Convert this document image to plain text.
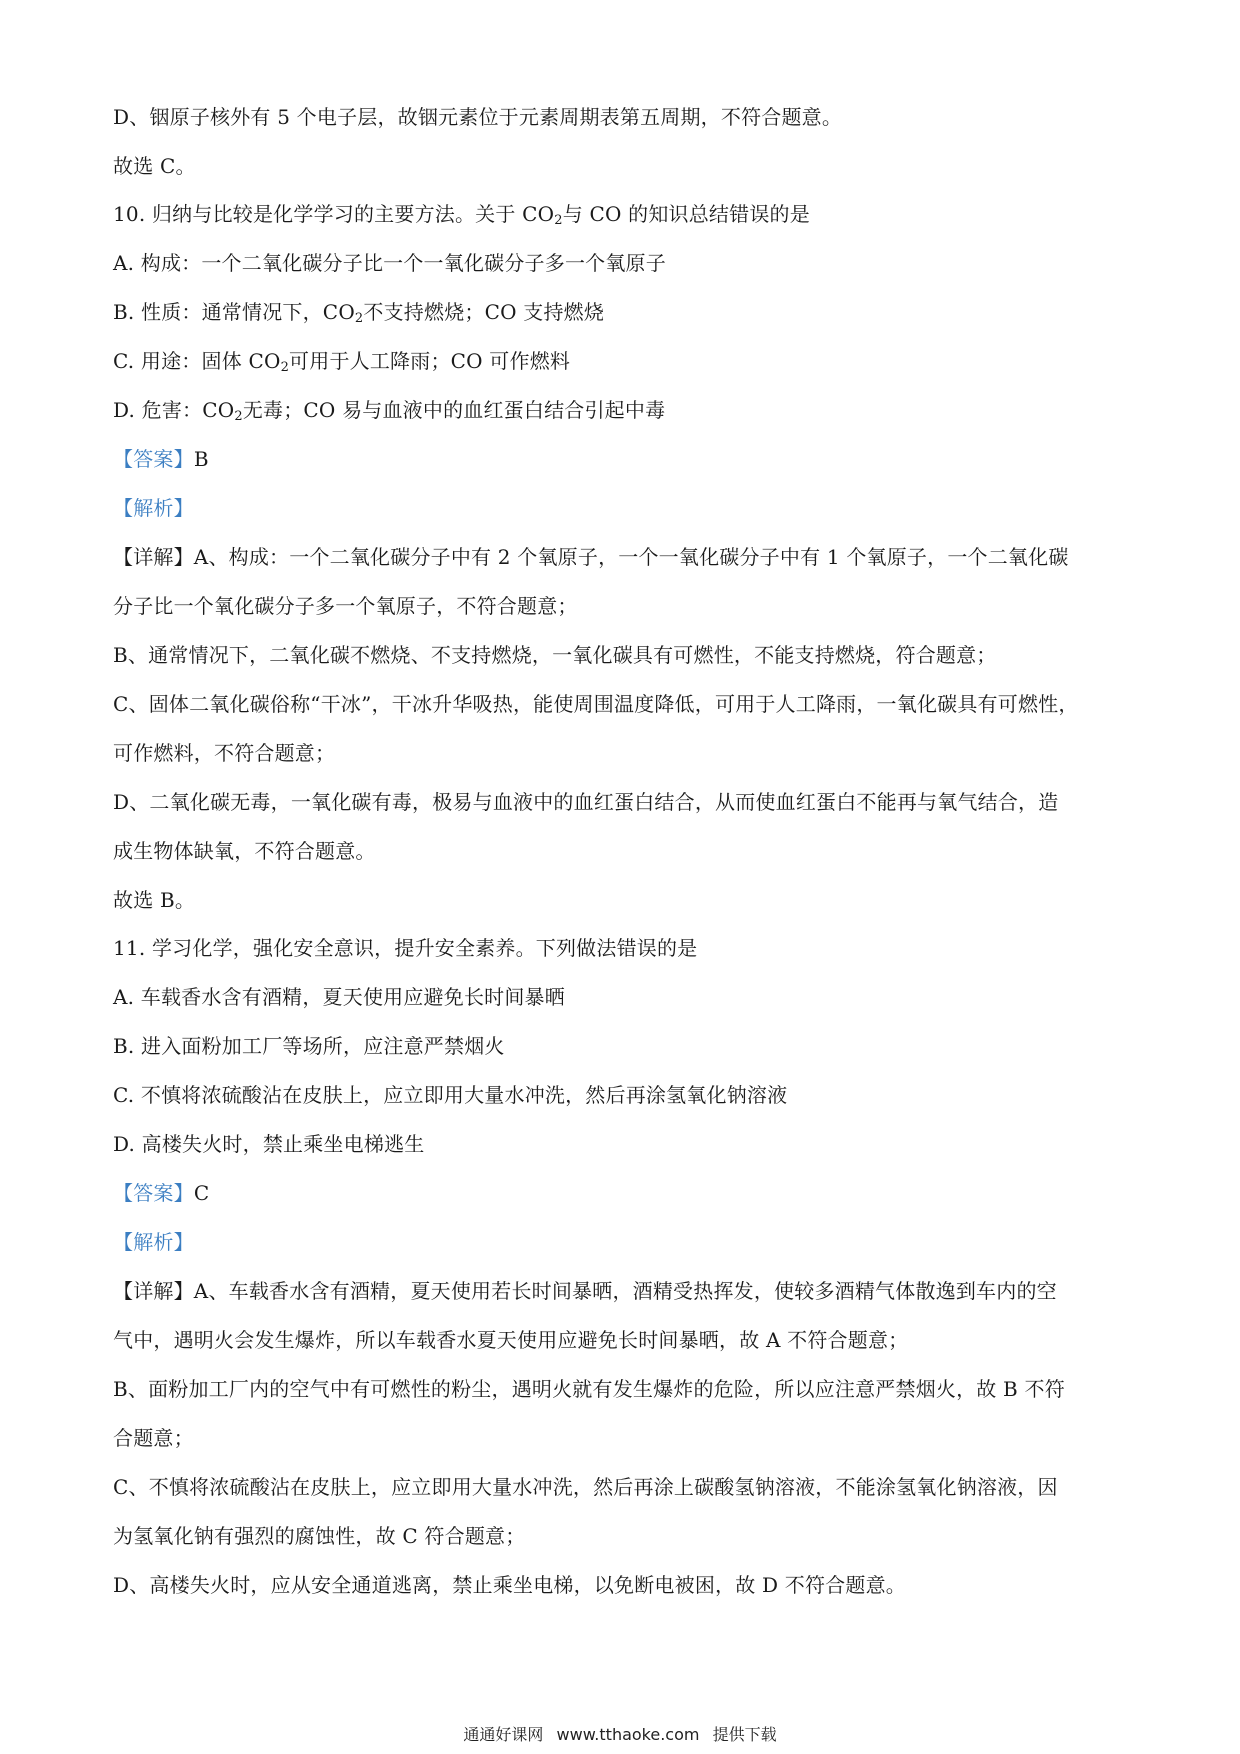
D、铟原子核外有 5 个电子层，故铟元素位于元素周期表第五周期，不符合题意。
故选 C。
10. 归纳与比较是化学学习的主要方法。关于 $CO_2$与 CO 的知识总结错误的是
A. 构成：一个二氧化碳分子比一个一氧化碳分子多一个氧原子
B. 性质：通常情况下，$CO_2$不支持燃烧；CO 支持燃烧
C. 用途：固体 $CO_2$可用于人工降雨；CO 可作燃料
D. 危害：$CO_2$无毒；CO 易与血液中的血红蛋白结合引起中毒
【答案】B
【解析】
【详解】A、构成：一个二氧化碳分子中有 2 个氧原子，一个一氧化碳分子中有 1 个氧原子，一个二氧化碳
分子比一个氧化碳分子多一个氧原子，不符合题意；
B、通常情况下，二氧化碳不燃烧、不支持燃烧，一氧化碳具有可燃性，不能支持燃烧，符合题意；
C、固体二氧化碳俗称“干冰”，干冰升华吸热，能使周围温度降低，可用于人工降雨，一氧化碳具有可燃性，
可作燃料，不符合题意；
D、二氧化碳无毒，一氧化碳有毒，极易与血液中的血红蛋白结合，从而使血红蛋白不能再与氧气结合，造
成生物体缺氧，不符合题意。
故选 B。
11. 学习化学，强化安全意识，提升安全素养。下列做法错误的是
A. 车载香水含有酒精，夏天使用应避免长时间暴晒
B. 进入面粉加工厂等场所，应注意严禁烟火
C. 不慎将浓硫酸沾在皮肤上，应立即用大量水冲洗，然后再涂氢氧化钠溶液
D. 高楼失火时，禁止乘坐电梯逃生
【答案】C
【解析】
【详解】A、车载香水含有酒精，夏天使用若长时间暴晒，酒精受热挥发，使较多酒精气体散逸到车内的空
气中，遇明火会发生爆炸，所以车载香水夏天使用应避免长时间暴晒，故 A 不符合题意；
B、面粉加工厂内的空气中有可燃性的粉尘，遇明火就有发生爆炸的危险，所以应注意严禁烟火，故 B 不符
合题意；
C、不慎将浓硫酸沾在皮肤上，应立即用大量水冲洗，然后再涂上碳酸氢钠溶液，不能涂氢氧化钠溶液，因
为氢氧化钠有强烈的腐蚀性，故 C 符合题意；
D、高楼失火时，应从安全通道逃离，禁止乘坐电梯，以免断电被困，故 D 不符合题意。
通通好课网 www.tthaoke.com 提供下载
